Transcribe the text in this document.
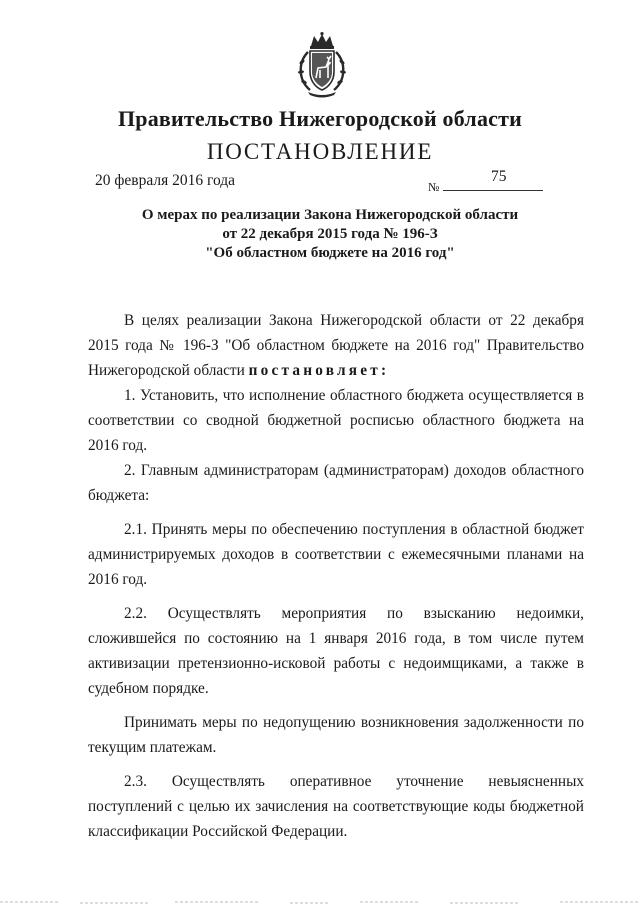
Правительство Нижегородской области
ПОСТАНОВЛЕНИЕ
20 февраля 2016 года	№
75
О мерах по реализации Закона Нижегородской области
от 22 декабря 2015 года № 196-З
"Об областном бюджете на 2016 год"

В целях реализации Закона Нижегородской области от 22 декабря 2015 года № 196-З "Об областном бюджете на 2016 год" Правительство Нижегородской области постановляет:

1. Установить, что исполнение областного бюджета осуществляется в соответствии со сводной бюджетной росписью областного бюджета на 2016 год.

2. Главным администраторам (администраторам) доходов областного бюджета:

2.1. Принять меры по обеспечению поступления в областной бюджет администрируемых доходов в соответствии с ежемесячными планами на 2016 год.

2.2. Осуществлять мероприятия по взысканию недоимки, сложившейся по состоянию на 1 января 2016 года, в том числе путем активизации претензионно-исковой работы с недоимщиками, а также в судебном порядке.

Принимать меры по недопущению возникновения задолженности по текущим платежам.

2.3. Осуществлять оперативное уточнение невыясненных поступлений с целью их зачисления на соответствующие коды бюджетной классификации Российской Федерации.
